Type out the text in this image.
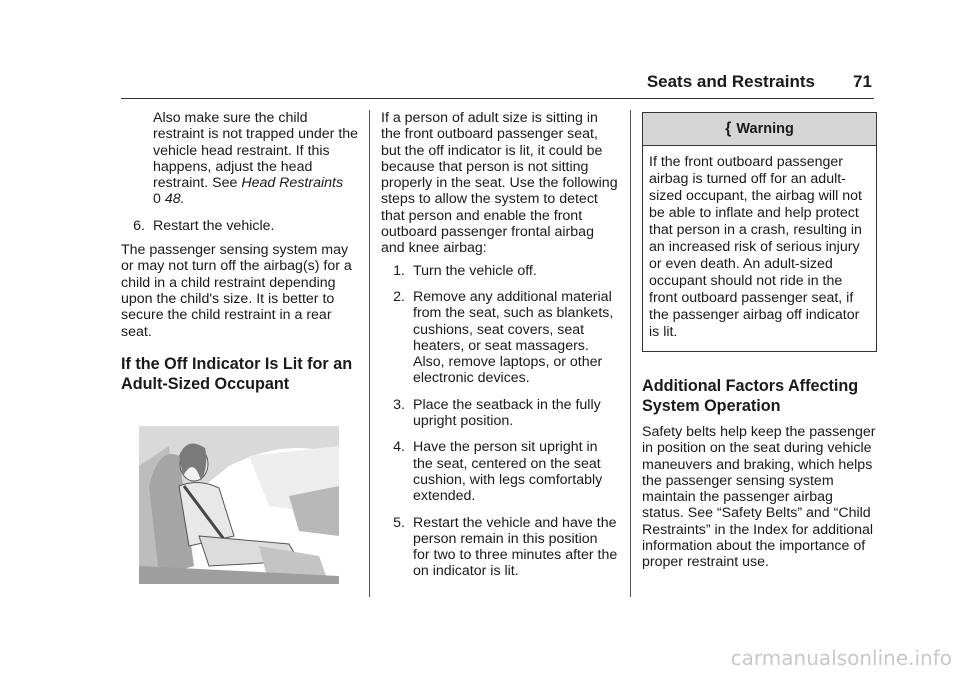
Seats and Restraints 71

Also make sure the child restraint is not trapped under the vehicle head restraint. If this happens, adjust the head restraint. See Head Restraints
0 48.

6. Restart the vehicle.

The passenger sensing system may or may not turn off the airbag(s) for a child in a child restraint depending upon the child's size. It is better to secure the child restraint in a rear seat.

If the Off Indicator Is Lit for an Adult-Sized Occupant

If a person of adult size is sitting in the front outboard passenger seat, but the off indicator is lit, it could be because that person is not sitting properly in the seat. Use the following steps to allow the system to detect that person and enable the front outboard passenger frontal airbag and knee airbag:

1. Turn the vehicle off.
2. Remove any additional material from the seat, such as blankets, cushions, seat covers, seat heaters, or seat massagers. Also, remove laptops, or other electronic devices.
3. Place the seatback in the fully upright position.
4. Have the person sit upright in the seat, centered on the seat cushion, with legs comfortably extended.
5. Restart the vehicle and have the person remain in this position for two to three minutes after the on indicator is lit.
{ Warning
If the front outboard passenger airbag is turned off for an adult-sized occupant, the airbag will not be able to inflate and help protect that person in a crash, resulting in an increased risk of serious injury or even death. An adult-sized occupant should not ride in the front outboard passenger seat, if the passenger airbag off indicator is lit.
Additional Factors Affecting System Operation

Safety belts help keep the passenger in position on the seat during vehicle maneuvers and braking, which helps the passenger sensing system maintain the passenger airbag status. See “Safety Belts” and “Child Restraints” in the Index for additional information about the importance of proper restraint use.

carmanualsonline.info
